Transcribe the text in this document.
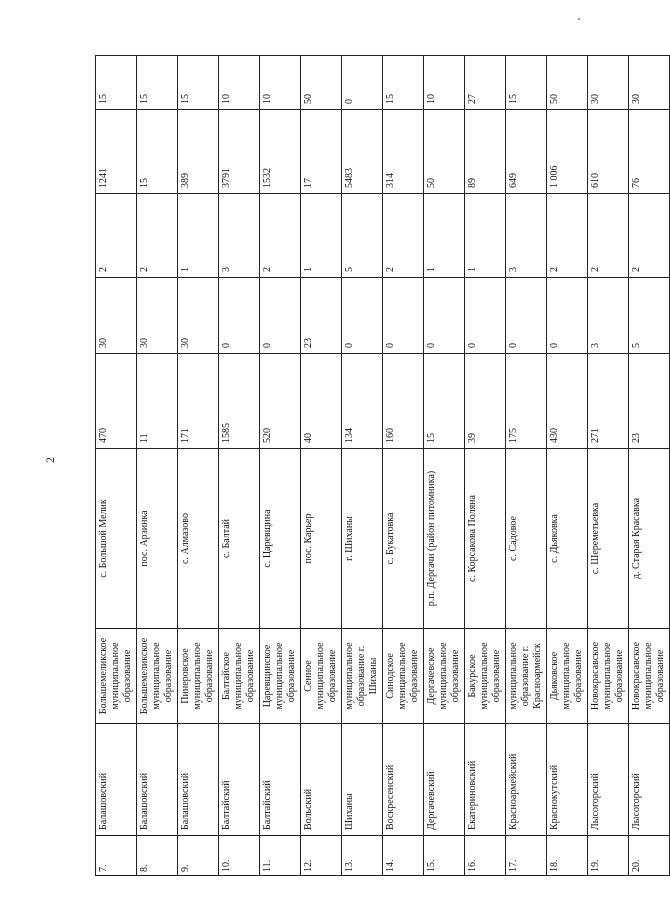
2
7.	Балашовский	Большемеликское муниципальное образование	с. Большой Мелик	470	30	2	1241	15
8.	Балашовский	Большемеликское муниципальное образование	пос. Арзинка	11	30	2	15	15
9.	Балашовский	Пинеровское муниципальное образование	с. Алмазово	171	30	1	389	15
10.	Балтайский	Балтайское муниципальное образование	с. Балтай	1585	0	3	3791	10
11.	Балтайский	Царевщинское муниципальное образование	с. Царевщина	520	0	2	1532	10
12.	Вольский	Сенное муниципальное образование	пос. Карьер	40	23	1	17	50
13.	Шиханы	муниципальное образование г. Шиханы	г. Шиханы	134	0	5	5483	0
14.	Воскресенский	Синодское муниципальное образование	с. Букатовка	160	0	2	314	15
15.	Дергачевский	Дергачевское муниципальное образование	р.п. Дергачи (район питомника)	15	0	1	50	10
16.	Екатериновский	Бакурское муниципальное образование	с. Корсакова Поляна	39	0	1	89	27
17.	Красноармейский	муниципальное образование г. Красноармейск	с. Садовое	175	0	3	649	15
18.	Краснокутский	Дьяковское муниципальное образование	с. Дьяковка	430	0	2	1 006	50
19.	Лысогорский	Новокрасавское муниципальное образование	с. Шереметьевка	271	3	2	610	30
20.	Лысогорский	Новокрасавское муниципальное образование	д. Старая Красавка	23	5	2	76	30
